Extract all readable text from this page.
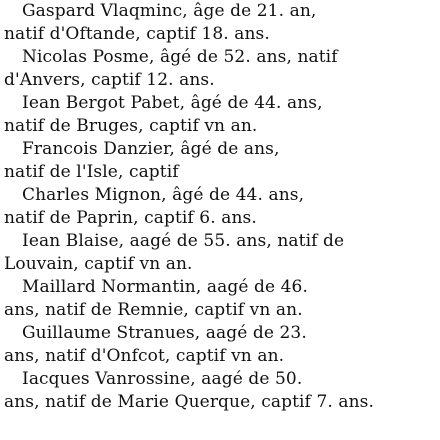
Gaspard Vlaqminc, âge de 21. an,
natif d'Oftande, captif 18. ans.
Nicolas Posme, âgé de 52. ans, natif
d'Anvers, captif 12. ans.
Iean Bergot Pabet, âgé de 44. ans,
natif de Bruges, captif vn an.
Francois Danzier, âgé de ans,
natif de l'Isle, captif
Charles Mignon, âgé de 44. ans,
natif de Paprin, captif 6. ans.
Iean Blaise, aagé de 55. ans, natif de
Louvain, captif vn an.
Maillard Normantin, aagé de 46.
ans, natif de Remnie, captif vn an.
Guillaume Stranues, aagé de 23.
ans, natif d'Onfcot, captif vn an.
Iacques Vanrossine, aagé de 50.
ans, natif de Marie Querque, captif 7. ans.
